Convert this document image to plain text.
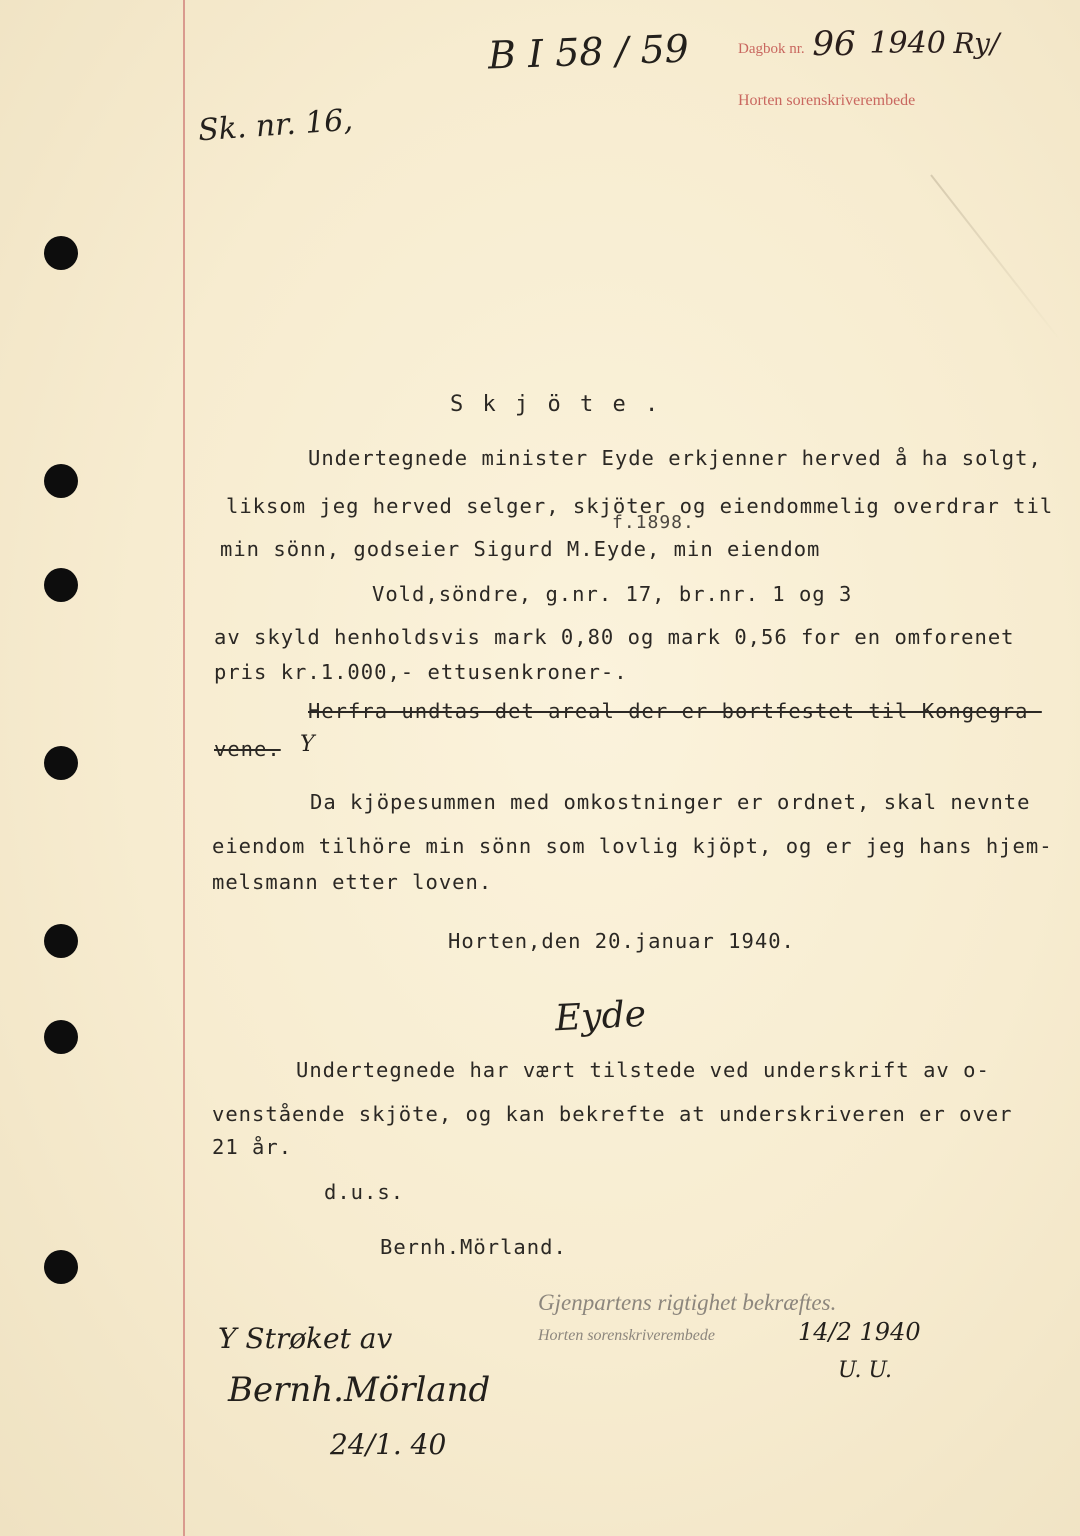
Sk. nr. 16,
B I 58 / 59	Dagbok nr. 96 1940 Ry/
Horten sorenskriverembede
S k j ö t e .
Undertegnede minister Eyde erkjenner herved å ha solgt,
liksom jeg herved selger, skjöter og eiendommelig overdrar til
f.1898.
min sönn, godseier Sigurd M.Eyde, min eiendom
Vold,söndre, g.nr. 17, br.nr. 1 og 3
av skyld henholdsvis mark 0,80 og mark 0,56 for en omforenet
pris kr.1.000,- ettusenkroner-.
Herfra undtas det areal der er bortfestet til Kongegra-
vene. Y
Da kjöpesummen med omkostninger er ordnet, skal nevnte
eiendom tilhöre min sönn som lovlig kjöpt, og er jeg hans hjem-
melsmann etter loven.
Horten,den 20.januar 1940.
Eyde
Undertegnede har vært tilstede ved underskrift av o-
venstående skjöte, og kan bekrefte at underskriveren er over
21 år.
d.u.s.
Bernh.Mörland.
Gjenpartens rigtighet bekræftes.
Horten sorenskriverembede	14/2 1940
U. U.
Y Strøket av
Bernh.Mörland
24/1. 40
